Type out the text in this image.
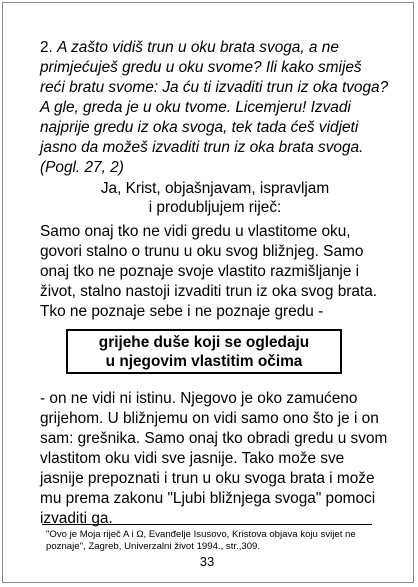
2. A zašto vidiš trun u oku brata svoga, a ne primjećuješ gredu u oku svome? Ili kako smiješ reći bratu svome: Ja ću ti izvaditi trun iz oka tvoga? A gle, greda je u oku tvome. Licemjeru! Izvadi najprije gredu iz oka svoga, tek tada ćeš vidjeti jasno da možeš izvaditi trun iz oka brata svoga. (Pogl. 27, 2)

Ja, Krist, objašnjavam, ispravljam
i produbljujem riječ:

Samo onaj tko ne vidi gredu u vlastitome oku, govori stalno o trunu u oku svog bližnjeg. Samo onaj tko ne poznaje svoje vlastito razmišljanje i život, stalno nastoji izvaditi trun iz oka svog brata. Tko ne poznaje sebe i ne poznaje gredu -

grijehe duše koji se ogledaju
u njegovim vlastitim očima

- on ne vidi ni istinu. Njegovo je oko zamućeno grijehom. U bližnjemu on vidi samo ono što je i on sam: grešnika. Samo onaj tko obradi gredu u svom vlastitom oku vidi sve jasnije. Tako može sve jasnije prepoznati i trun u oku svoga brata i može mu prema zakonu "Ljubi bližnjega svoga" pomoci izvaditi ga.

"Ovo je Moja riječ A i Ω, Evanđelje Isusovo, Kristova objava koju svijet ne poznaje", Zagreb, Univerzalni život 1994., str.,309.

33
